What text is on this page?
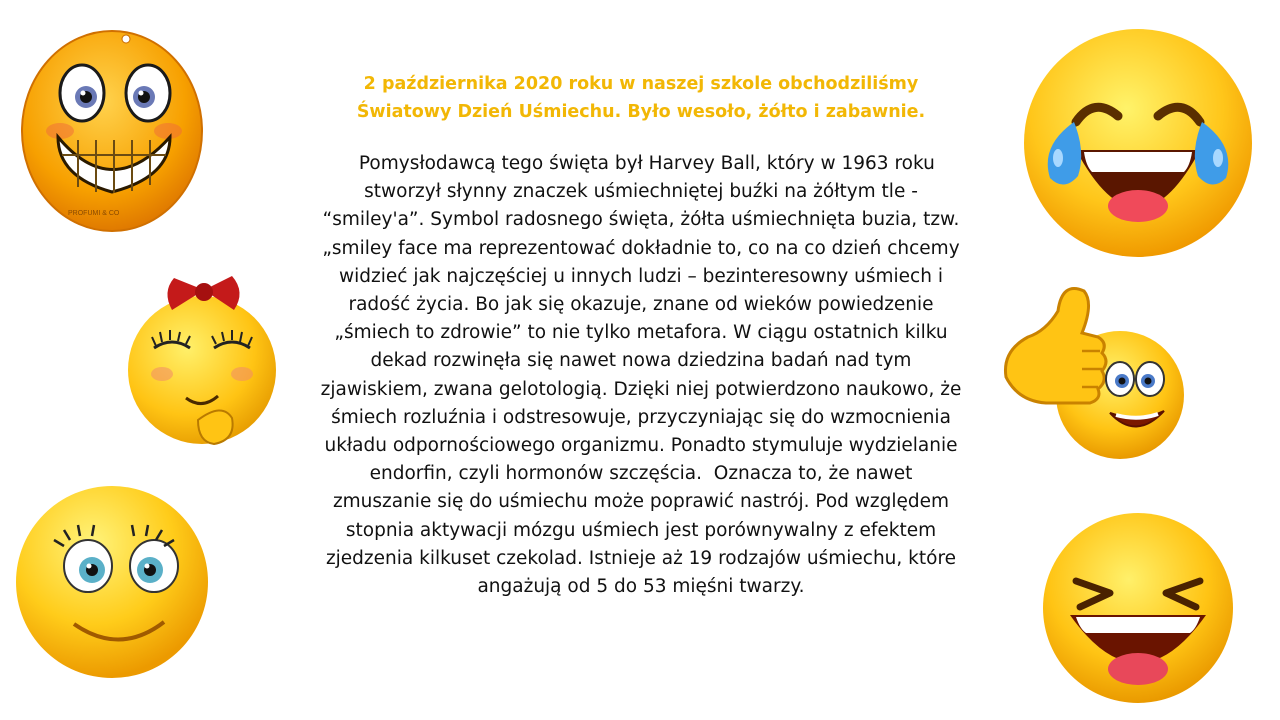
PROFUMI & CO

2 października 2020 roku w naszej szkole obchodziliśmy Światowy Dzień Uśmiechu. Było wesoło, żółto i zabawnie.

Pomysłodawcą tego święta był Harvey Ball, który w 1963 roku stworzył słynny znaczek uśmiechniętej buźki na żółtym tle - “smiley'a”. Symbol radosnego święta, żółta uśmiechnięta buzia, tzw. „smiley face ma reprezentować dokładnie to, co na co dzień chcemy widzieć jak najczęściej u innych ludzi – bezinteresowny uśmiech i radość życia. Bo jak się okazuje, znane od wieków powiedzenie „śmiech to zdrowie” to nie tylko metafora. W ciągu ostatnich kilku dekad rozwinęła się nawet nowa dziedzina badań nad tym zjawiskiem, zwana gelotologią. Dzięki niej potwierdzono naukowo, że śmiech rozluźnia i odstresowuje, przyczyniając się do wzmocnienia układu odpornościowego organizmu. Ponadto stymuluje wydzielanie endorfin, czyli hormonów szczęścia.  Oznacza to, że nawet zmuszanie się do uśmiechu może poprawić nastrój. Pod względem stopnia aktywacji mózgu uśmiech jest porównywalny z efektem zjedzenia kilkuset czekolad. Istnieje aż 19 rodzajów uśmiechu, które angażują od 5 do 53 mięśni twarzy.
